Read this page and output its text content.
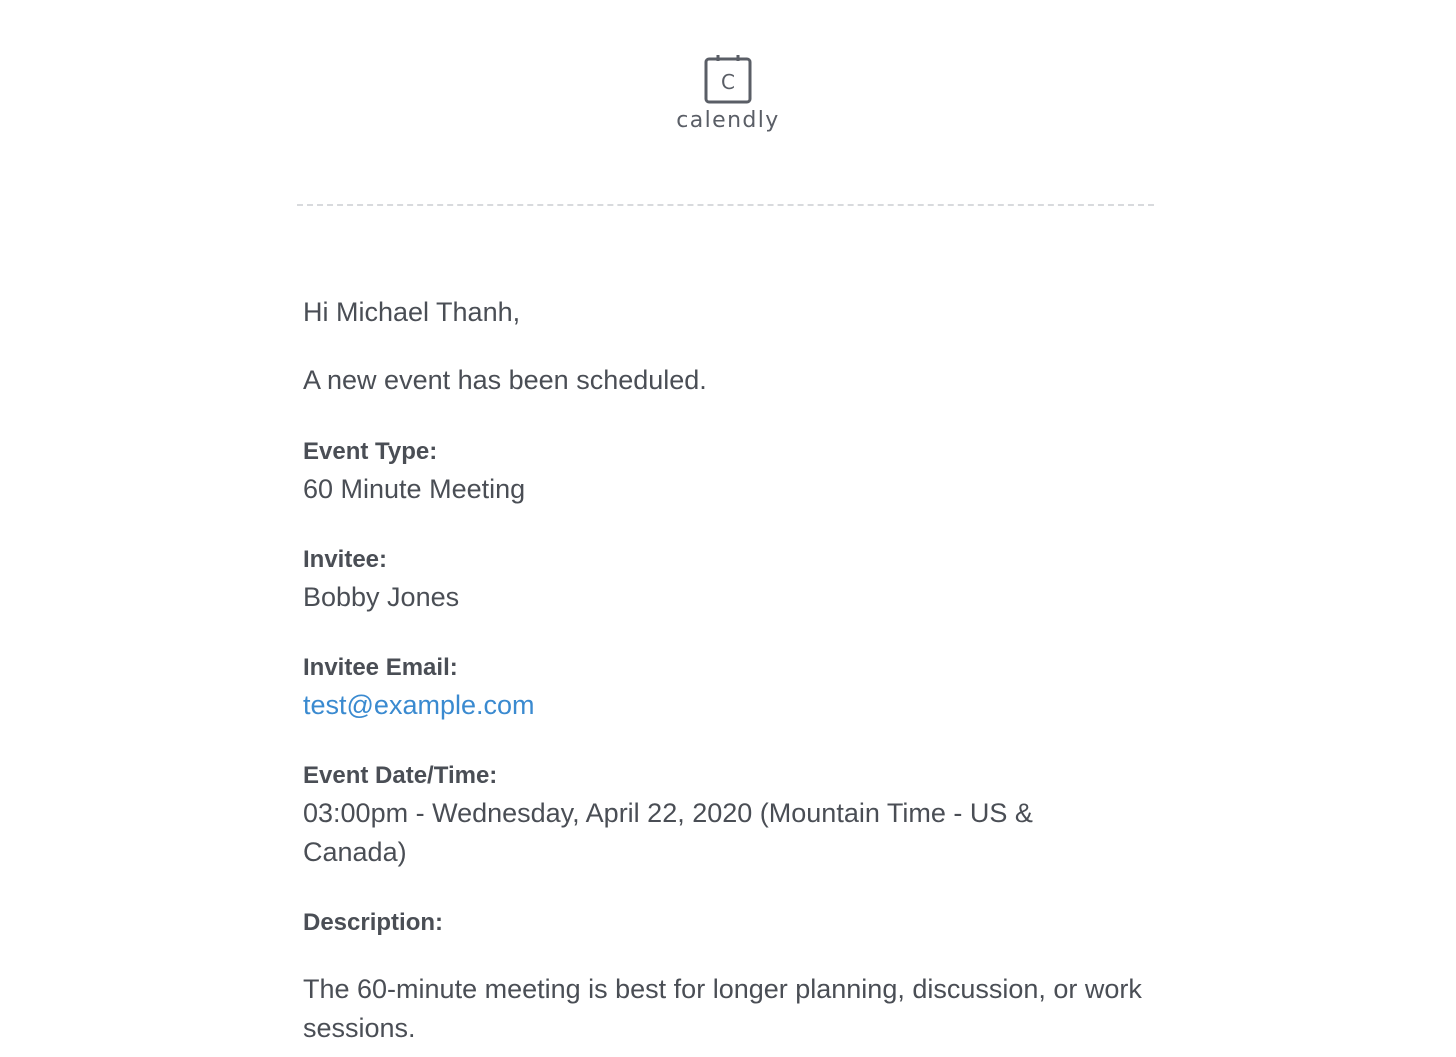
C
calendly
Hi Michael Thanh,
A new event has been scheduled.
Event Type:
60 Minute Meeting
Invitee:
Bobby Jones
Invitee Email:
test@example.com
Event Date/Time:
03:00pm - Wednesday, April 22, 2020 (Mountain Time - US & Canada)
Description:
The 60-minute meeting is best for longer planning, discussion, or work sessions.
